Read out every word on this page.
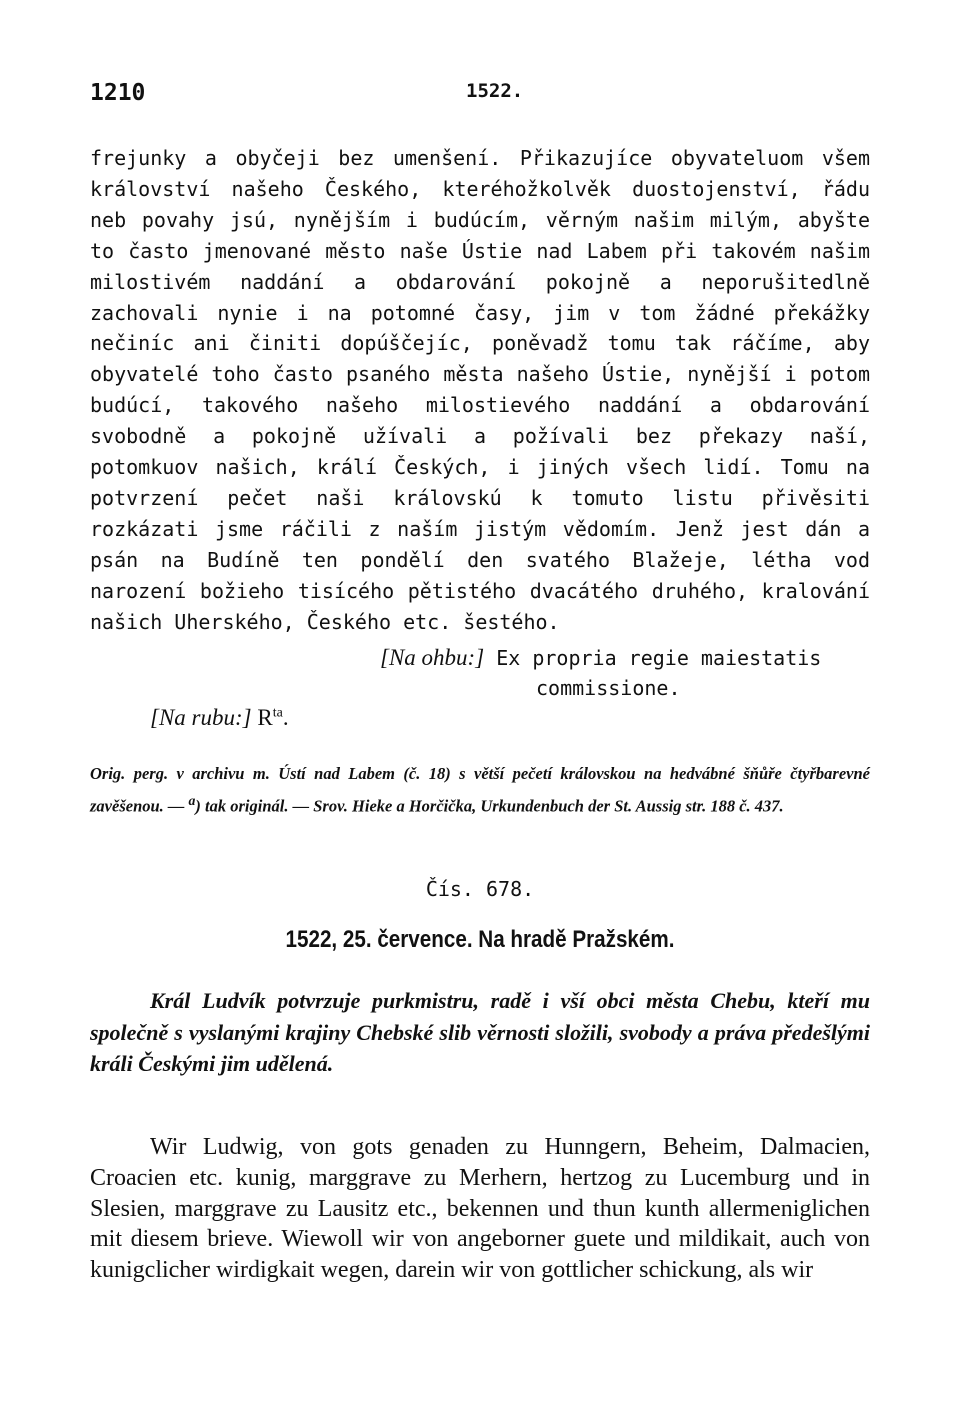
1210	1522.

frejunky a obyčeji bez umenšení. Přikazujíce obyvateluom všem království našeho Českého, kteréhožkolvěk duostojenství, řádu neb povahy jsú, nynějším i budúcím, věrným našim milým, abyšte to často jmenované město naše Ústie nad Labem při takovém našim milostivém naddání a obdarování pokojně a neporušitedlně zachovali nynie i na potomné časy, jim v tom žádné překážky nečiníc ani činiti dopúščejíc, poněvadž tomu tak ráčíme, aby obyvatelé toho často psaného města našeho Ústie, nynější i potom budúcí, takového našeho milostievého naddání a obdarování svobodně a pokojně užívali a požívali bez překazy naší, potomkuov našich, králí Českých, i jiných všech lidí. Tomu na potvrzení pečet naši královskú k tomuto listu přivěsiti rozkázati jsme ráčili z naším jistým vědomím. Jenž jest dán a psán na Budíně ten pondělí den svatého Blažeje, létha vod narození božieho tisícého pětistého dvacátého druhého, kralování našich Uherského, Českého etc. šestého.

[Na ohbu:] Ex propria regie maiestatis
commissione.
[Na rubu:] $R^{ta}$.

Orig. perg. v archivu m. Ústí nad Labem (č. 18) s větší pečetí královskou na hedvábné šňůře čtyřbarevné zavěšenou. — $^a$) tak originál. — Srov. Hieke a Horčička, Urkundenbuch der St. Aussig str. 188 č. 437.

Čís. 678.
1522, 25. července. Na hradě Pražském.

Král Ludvík potvrzuje purkmistru, radě i vší obci města Chebu, kteří mu společně s vyslanými krajiny Chebské slib věrnosti složili, svobody a práva předešlými králi Českými jim udělená.

Wir Ludwig, von gots genaden zu Hunngern, Beheim, Dalmacien, Croacien etc. kunig, marggrave zu Merhern, hertzog zu Lucemburg und in Slesien, marggrave zu Lausitz etc., bekennen und thun kunth allermeniglichen mit diesem brieve. Wiewoll wir von angeborner guete und mildikait, auch von kunigclicher wirdigkait wegen, darein wir von gottlicher schickung, als wir
